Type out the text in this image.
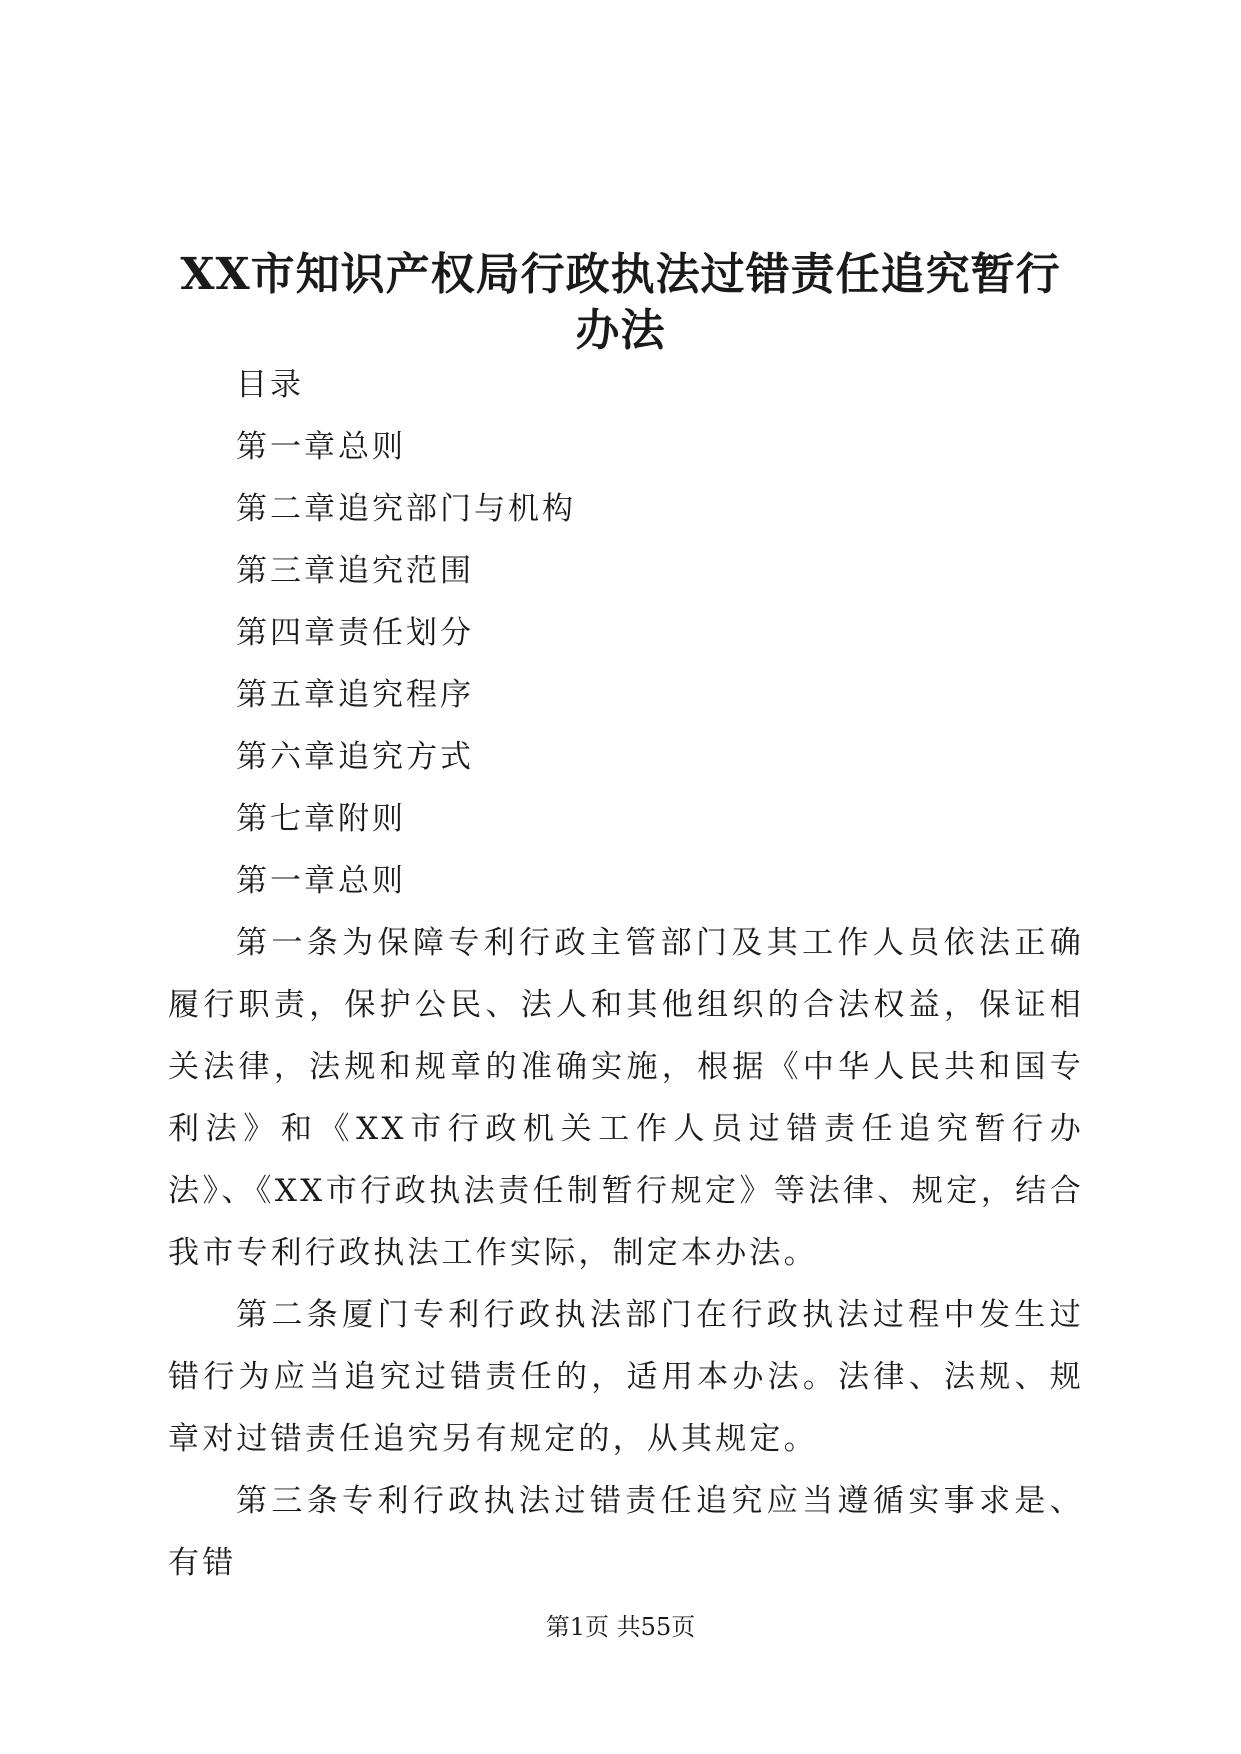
XX市知识产权局行政执法过错责任追究暂行
办法
目录
第一章总则
第二章追究部门与机构
第三章追究范围
第四章责任划分
第五章追究程序
第六章追究方式
第七章附则
第一章总则

第一条为保障专利行政主管部门及其工作人员依法正确履行职责，保护公民、法人和其他组织的合法权益，保证相关法律，法规和规章的准确实施，根据《中华人民共和国专利法》和《XX市行政机关工作人员过错责任追究暂行办法》、《XX市行政执法责任制暂行规定》等法律、规定，结合我市专利行政执法工作实际，制定本办法。

第二条厦门专利行政执法部门在行政执法过程中发生过错行为应当追究过错责任的，适用本办法。法律、法规、规章对过错责任追究另有规定的，从其规定。

第三条专利行政执法过错责任追究应当遵循实事求是、有错

第1页 共55页
